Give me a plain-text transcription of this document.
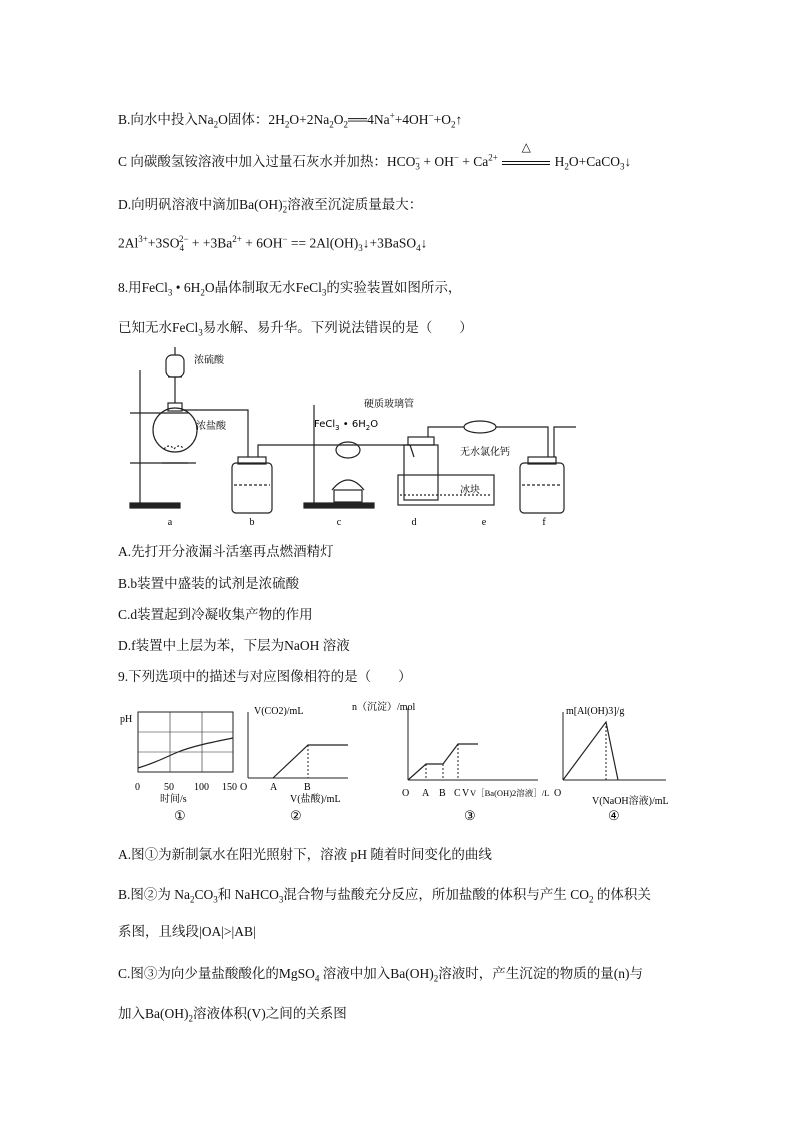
B.向水中投入$Na_2O$固体：$2H_2O+2Na_2O_2══4Na^++4OH^-+O_2↑$
C 向碳酸氢铵溶液中加入过量石灰水并加热：$HCO_3^- + OH^- + Ca^{2+}$
△
$H_2O+CaCO_3↓$
D.向明矾溶液中滴加$Ba(OH)_2^-$溶液至沉淀质量最大：
$2Al^{3+}+3SO_4^{2-} + +3Ba^{2+} + 6OH^-$ == $2Al(OH)_3↓+3BaSO_4↓$
8.用FeCl$_3$ • $6H_2O$晶体制取无水FeCl$_3$的实验装置如图所示，
已知无水FeCl$_3$易水解、易升华。下列说法错误的是（　　）
浓硫酸
浓盐酸
硬质玻璃管
FeCl$_3$ • $6H_2O$
无水氯化钙
冰块
a	b	c	d	e	f
A.先打开分液漏斗活塞再点燃酒精灯
B.b装置中盛装的试剂是浓硫酸
C.d装置起到冷凝收集产物的作用
D.f装置中上层为苯，下层为NaOH 溶液
9.下列选项中的描述与对应图像相符的是（　　）
pH
0 50 100 150
时间/s
①
V(CO2)/mL
O A	B
V(盐酸)/mL
②
n（沉淀）/mol
O A B C V V［Ba(OH)2溶液］/L
③
m[Al(OH)3]/g
O
V(NaOH溶液)/mL
④
A.图①为新制氯水在阳光照射下，溶液 pH 随着时间变化的曲线
B.图②为 $Na_2CO_3$和 NaHCO$_3$混合物与盐酸充分反应，所加盐酸的体积与产生 $CO_2$ 的体积关
系图，且线段|OA|>|AB|
C.图③为向少量盐酸酸化的MgSO$_4$ 溶液中加入$Ba(OH)_2$溶液时，产生沉淀的物质的量(n)与
加入$Ba(OH)_2$溶液体积(V)之间的关系图
